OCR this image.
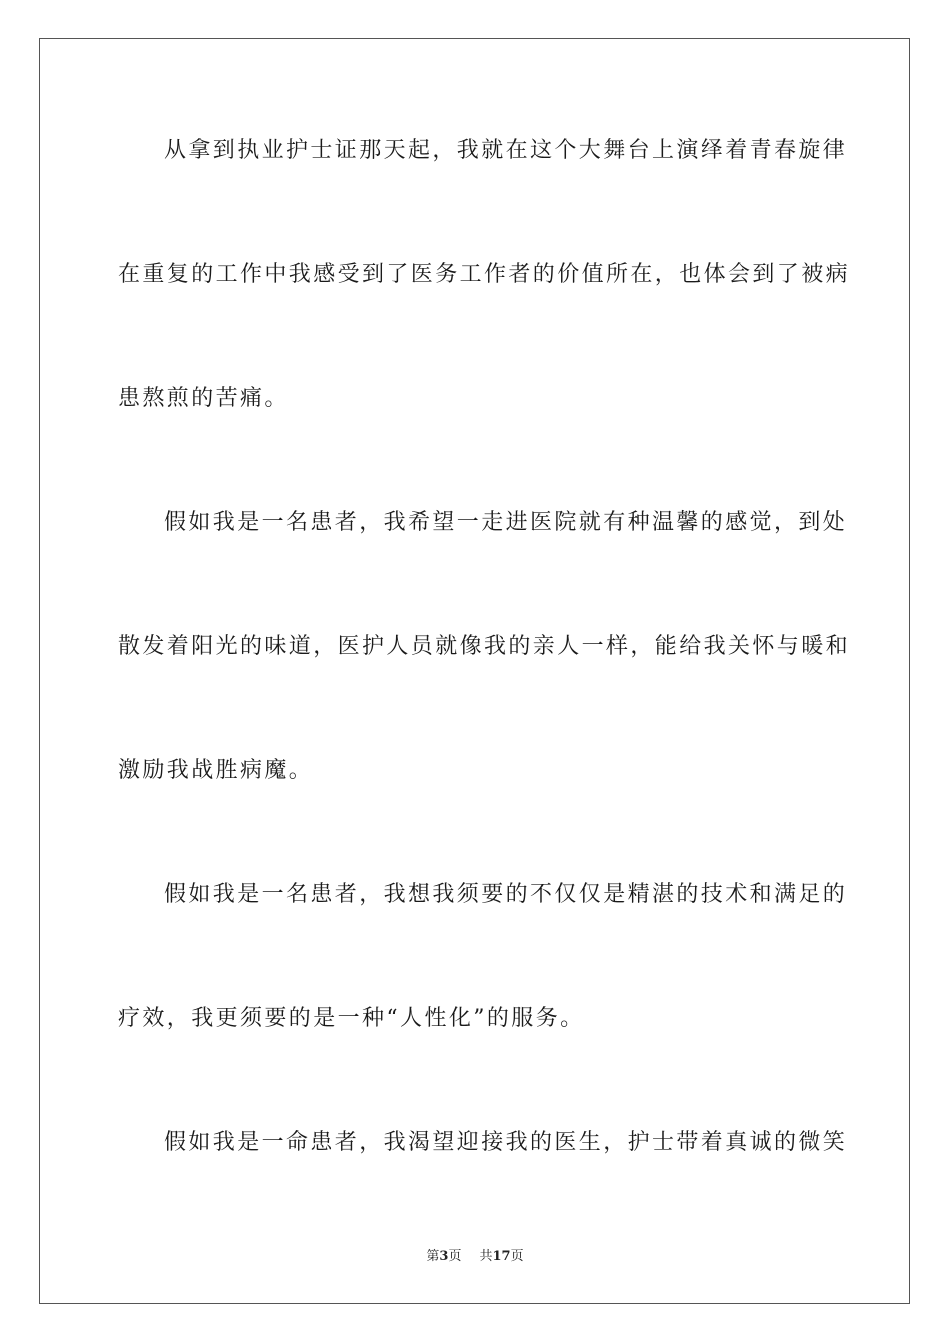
从拿到执业护士证那天起，我就在这个大舞台上演绎着青春旋律
在重复的工作中我感受到了医务工作者的价值所在，也体会到了被病
患熬煎的苦痛。
假如我是一名患者，我希望一走进医院就有种温馨的感觉，到处
散发着阳光的味道，医护人员就像我的亲人一样，能给我关怀与暖和
激励我战胜病魔。
假如我是一名患者，我想我须要的不仅仅是精湛的技术和满足的
疗效，我更须要的是一种“人性化”的服务。
假如我是一命患者，我渴望迎接我的医生，护士带着真诚的微笑
第3页 共17页
